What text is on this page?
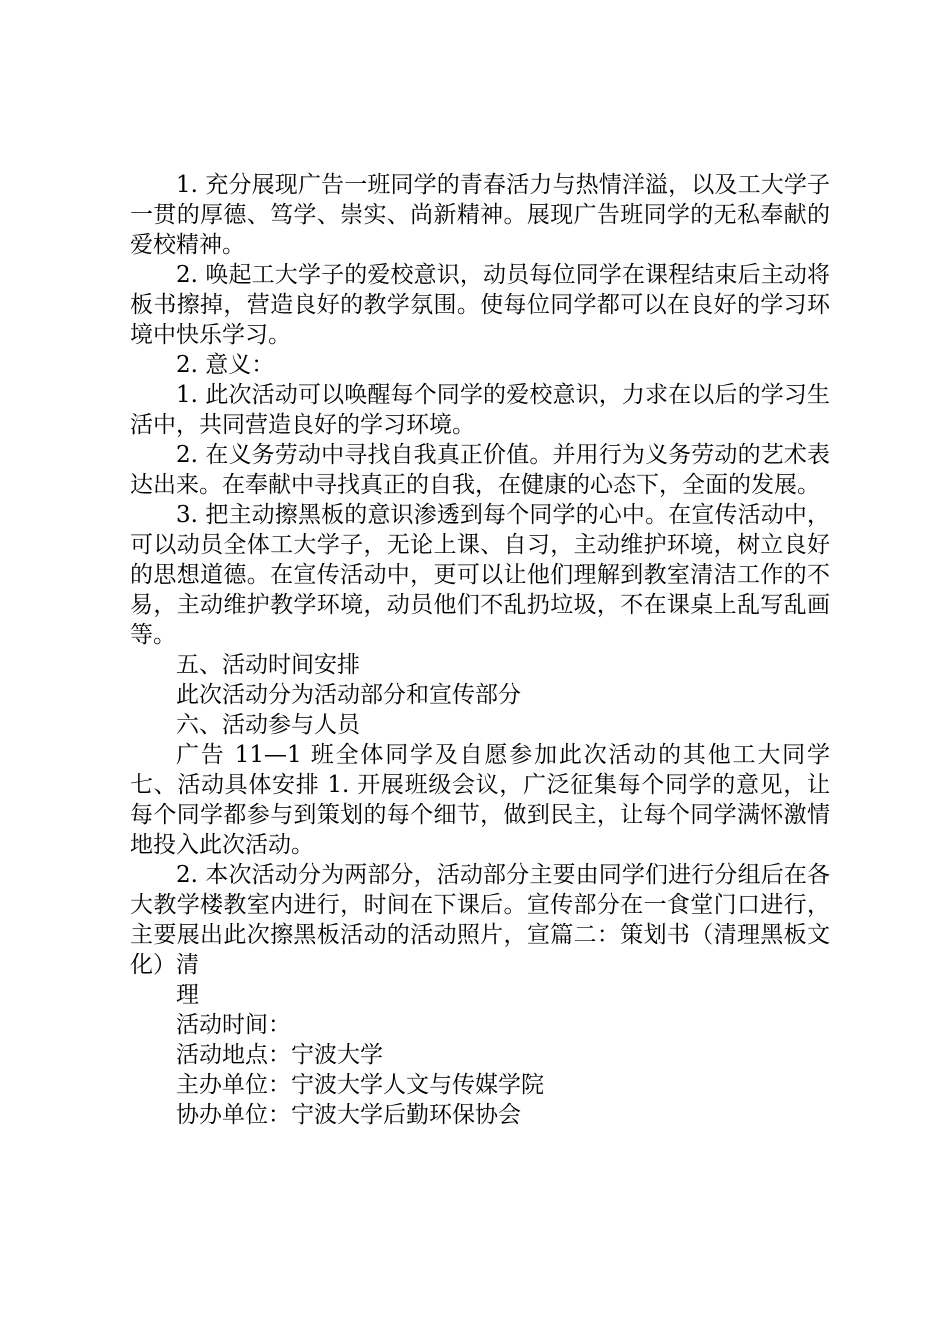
1. 充分展现广告一班同学的青春活力与热情洋溢，以及工大学子一贯的厚德、笃学、崇实、尚新精神。展现广告班同学的无私奉献的爱校精神。

2. 唤起工大学子的爱校意识，动员每位同学在课程结束后主动将板书擦掉，营造良好的教学氛围。使每位同学都可以在良好的学习环境中快乐学习。

2. 意义：

1. 此次活动可以唤醒每个同学的爱校意识，力求在以后的学习生活中，共同营造良好的学习环境。

2. 在义务劳动中寻找自我真正价值。并用行为义务劳动的艺术表达出来。在奉献中寻找真正的自我，在健康的心态下，全面的发展。

3. 把主动擦黑板的意识渗透到每个同学的心中。在宣传活动中，可以动员全体工大学子，无论上课、自习，主动维护环境，树立良好的思想道德。在宣传活动中，更可以让他们理解到教室清洁工作的不易，主动维护教学环境，动员他们不乱扔垃圾，不在课桌上乱写乱画等。

五、活动时间安排

此次活动分为活动部分和宣传部分

六、活动参与人员

广告 11—1 班全体同学及自愿参加此次活动的其他工大同学七、活动具体安排 1. 开展班级会议，广泛征集每个同学的意见，让每个同学都参与到策划的每个细节，做到民主，让每个同学满怀激情地投入此次活动。

2. 本次活动分为两部分，活动部分主要由同学们进行分组后在各大教学楼教室内进行，时间在下课后。宣传部分在一食堂门口进行，主要展出此次擦黑板活动的活动照片，宣篇二：策划书（清理黑板文化）清

理

活动时间：

活动地点：宁波大学

主办单位：宁波大学人文与传媒学院

协办单位：宁波大学后勤环保协会
